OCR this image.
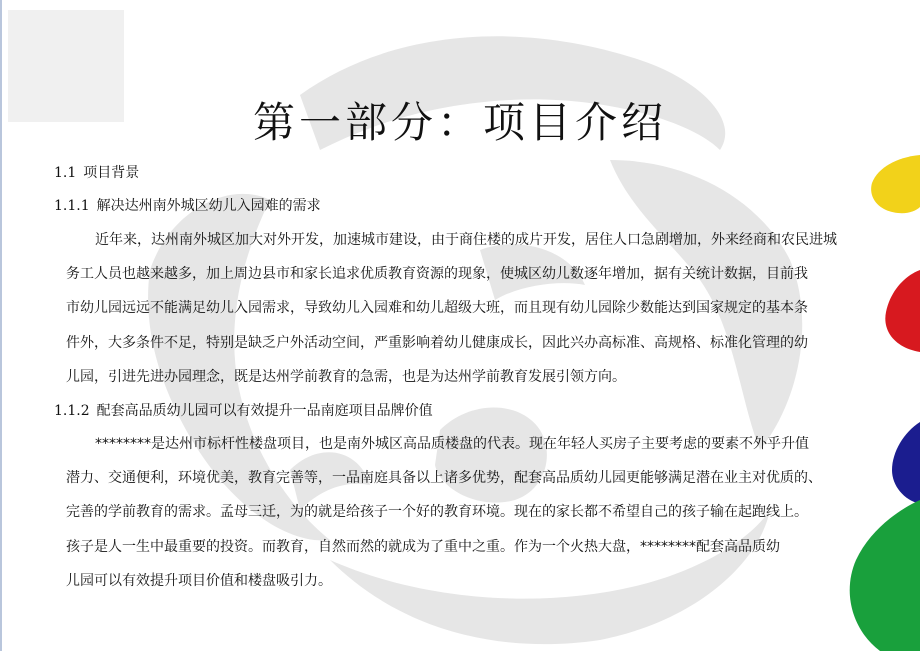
第一部分：项目介绍
1.1 项目背景
1.1.1 解决达州南外城区幼儿入园难的需求
近年来，达州南外城区加大对外开发，加速城市建设，由于商住楼的成片开发，居住人口急剧增加，外来经商和农民进城
务工人员也越来越多，加上周边县市和家长追求优质教育资源的现象，使城区幼儿数逐年增加，据有关统计数据，目前我
市幼儿园远远不能满足幼儿入园需求，导致幼儿入园难和幼儿超级大班，而且现有幼儿园除少数能达到国家规定的基本条
件外，大多条件不足，特别是缺乏户外活动空间，严重影响着幼儿健康成长，因此兴办高标准、高规格、标准化管理的幼
儿园，引进先进办园理念，既是达州学前教育的急需，也是为达州学前教育发展引领方向。
1.1.2 配套高品质幼儿园可以有效提升一品南庭项目品牌价值
********是达州市标杆性楼盘项目，也是南外城区高品质楼盘的代表。现在年轻人买房子主要考虑的要素不外乎升值
潜力、交通便利，环境优美，教育完善等，一品南庭具备以上诸多优势，配套高品质幼儿园更能够满足潜在业主对优质的、
完善的学前教育的需求。孟母三迁，为的就是给孩子一个好的教育环境。现在的家长都不希望自己的孩子输在起跑线上。
孩子是人一生中最重要的投资。而教育，自然而然的就成为了重中之重。作为一个火热大盘，********配套高品质幼
儿园可以有效提升项目价值和楼盘吸引力。
